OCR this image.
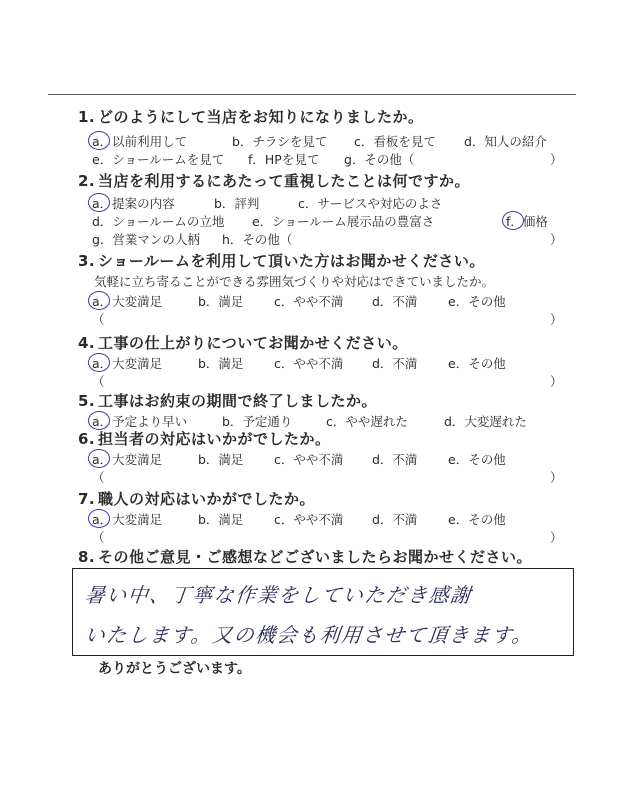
1. どのようにして当店をお知りになりましたか。
a．以前利用して	b．チラシを見て c．看板を見て d．知人の紹介
e．ショールームを見て f．HPを見て g．その他（	）
2. 当店を利用するにあたって重視したことは何ですか。
a．提案の内容	b．評判	c．サービスや対応のよさ
d．ショールームの立地 e．ショールーム展示品の豊富さ	f．価格
g．営業マンの人柄 h．その他（	）
3. ショールームを利用して頂いた方はお聞かせください。
気軽に立ち寄ることができる雰囲気づくりや対応はできていましたか。
a．大変満足	b．満足 c．やや不満 d．不満 e．その他
（	）
4. 工事の仕上がりについてお聞かせください。
a．大変満足	b．満足 c．やや不満 d．不満 e．その他
（	）
5. 工事はお約束の期間で終了しましたか。
a．予定より早い	b．予定通り	c．やや遅れた	d．大変遅れた
6. 担当者の対応はいかがでしたか。
a．大変満足	b．満足 c．やや不満 d．不満 e．その他
（	）
7. 職人の対応はいかがでしたか。
a．大変満足	b．満足 c．やや不満 d．不満 e．その他
（	）
8. その他ご意見・ご感想などございましたらお聞かせください。
暑い中、丁寧な作業をしていただき感謝
いたします。又の機会も利用させて頂きます。
ありがとうございます。
